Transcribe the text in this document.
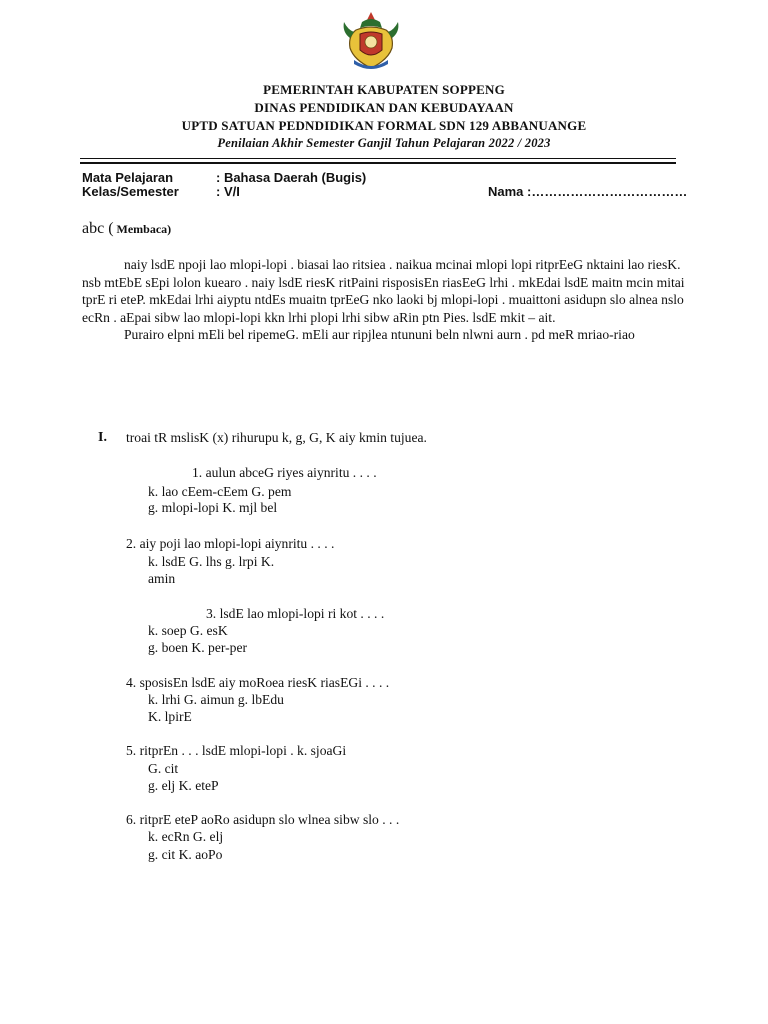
PEMERINTAH KABUPATEN SOPPENG
DINAS PENDIDIKAN DAN KEBUDAYAAN
UPTD SATUAN PEDNDIDIKAN FORMAL SDN 129 ABBANUANGE
Penilaian Akhir Semester Ganjil Tahun Pelajaran 2022 / 2023
Mata Pelajaran	: Bahasa Daerah (Bugis)
Kelas/Semester	: V/I	Nama :………………………………
abc ( Membaca)

naiy lsdE npoji lao mlopi-lopi . biasai lao ritsiea . naikua mcinai mlopi lopi ritprEeG nktaini lao riesK. nsb mtEbE sEpi lolon kuearo . naiy lsdE riesK ritPaini risposisEn riasEeG lrhi . mkEdai lsdE maitn mcin mitai tprE ri eteP. mkEdai lrhi aiyptu ntdEs muaitn tprEeG nko laoki bj mlopi-lopi . muaittoni asidupn slo alnea nslo ecRn . aEpai sibw lao mlopi-lopi kkn lrhi plopi lrhi sibw aRin ptn Pies. lsdE mkit – ait.

Purairo elpni mEli bel ripemeG. mEli aur ripjlea ntununi beln nlwni aurn . pd meR mriao-riao

I. troai tR mslisK (x) rihurupu k, g, G, K aiy kmin tujuea.
1. aulun abceG riyes aiynritu . . . .
k. lao cEem-cEem G. pem
g. mlopi-lopi K. mjl bel
2. aiy poji lao mlopi-lopi aiynritu . . . .
k. lsdE G. lhs g. lrpi K.
amin
3. lsdE lao mlopi-lopi ri kot . . . .
k. soep G. esK
g. boen K. per-per
4. sposisEn lsdE aiy moRoea riesK riasEGi . . . .
k. lrhi G. aimun g. lbEdu
K. lpirE
5. ritprEn . . . lsdE mlopi-lopi . k. sjoaGi
G. cit
g. elj K. eteP
6. ritprE eteP aoRo asidupn slo wlnea sibw slo . . .
k. ecRn G. elj
g. cit K. aoPo
